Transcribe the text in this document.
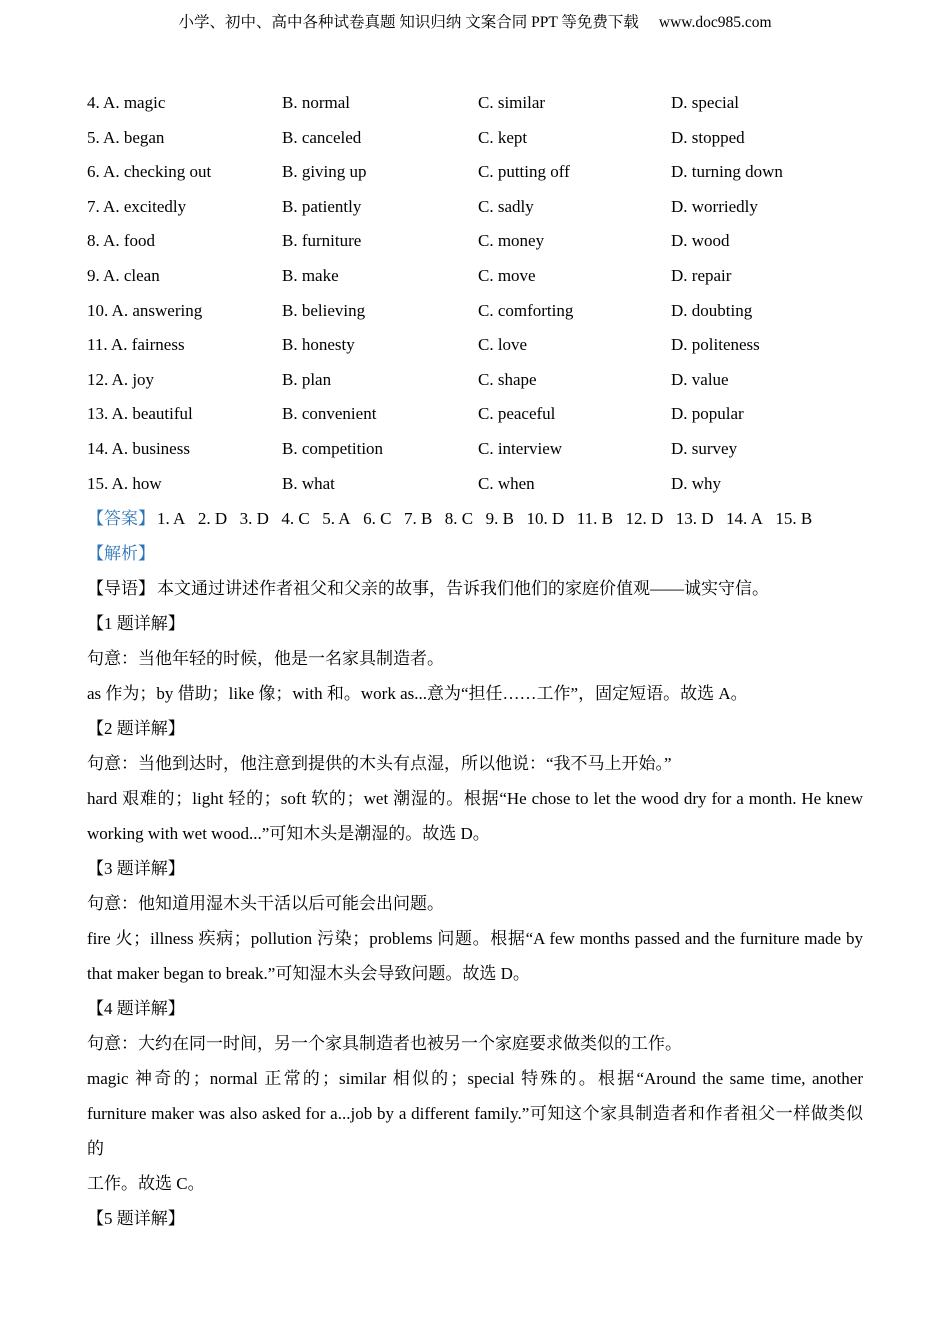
小学、初中、高中各种试卷真题 知识归纳 文案合同 PPT 等免费下载 www.doc985.com
4. A. magic	B. normal	C. similar	D. special
5. A. began	B. canceled	C. kept	D. stopped
6. A. checking out	B. giving up	C. putting off	D. turning down
7. A. excitedly	B. patiently	C. sadly	D. worriedly
8. A. food	B. furniture	C. money	D. wood
9. A. clean	B. make	C. move	D. repair
10. A. answering	B. believing	C. comforting	D. doubting
11. A. fairness	B. honesty	C. love	D. politeness
12. A. joy	B. plan	C. shape	D. value
13. A. beautiful	B. convenient	C. peaceful	D. popular
14. A. business	B. competition	C. interview	D. survey
15. A. how	B. what	C. when	D. why
【答案】 1. A 2. D 3. D 4. C 5. A 6. C 7. B 8. C 9. B 10. D 11. B 12. D 13. D 14. A 15. B
【解析】
【导语】 本文通过讲述作者祖父和父亲的故事，告诉我们他们的家庭价值观——诚实守信。
【1 题详解】
句意：当他年轻的时候，他是一名家具制造者。
as 作为；by 借助；like 像；with 和。work as...意为“担任……工作”，固定短语。故选 A。
【2 题详解】
句意：当他到达时，他注意到提供的木头有点湿，所以他说：“我不马上开始。”
hard 艰难的；light 轻的；soft 软的；wet 潮湿的。根据“He chose to let the wood dry for a month. He knew
working with wet wood...”可知木头是潮湿的。故选 D。
【3 题详解】
句意：他知道用湿木头干活以后可能会出问题。
fire 火；illness 疾病；pollution 污染；problems 问题。根据“A few months passed and the furniture made by
that maker began to break.”可知湿木头会导致问题。故选 D。
【4 题详解】
句意：大约在同一时间，另一个家具制造者也被另一个家庭要求做类似的工作。
magic 神奇的；normal 正常的；similar 相似的；special 特殊的。根据“Around the same time, another
furniture maker was also asked for a...job by a different family.”可知这个家具制造者和作者祖父一样做类似的
工作。故选 C。
【5 题详解】
